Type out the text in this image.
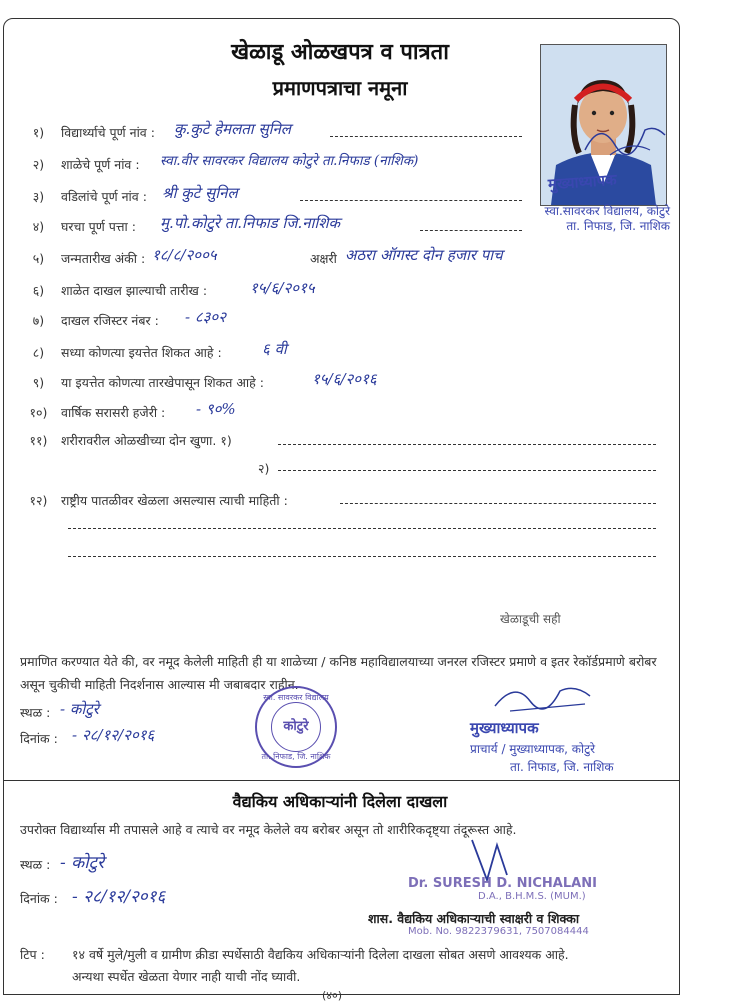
खेळाडू ओळखपत्र व पात्रता
प्रमाणपत्राचा नमूना
मुख्याध्यापक
स्वा.सावरकर विद्यालय, कोटुरे
ता. निफाड, जि. नाशिक
१)	विद्यार्थ्याचे पूर्ण नांव : कु.कुटे हेमलता सुनिल
२)	शाळेचे पूर्ण नांव : स्वा.वीर सावरकर विद्यालय कोटुरे ता.निफाड (नाशिक)
३)	वडिलांचे पूर्ण नांव : श्री कुटे सुनिल
४)	घरचा पूर्ण पत्ता : मु.पो.कोटुरे ता.निफाड जि.नाशिक
५)	जन्मतारीख अंकी : १८/८/२००५	अक्षरी अठरा ऑगस्ट दोन हजार पाच
६)	शाळेत दाखल झाल्याची तारीख :	१५/६/२०१५
७)	दाखल रजिस्टर नंबर : - ८३०२
८)	सध्या कोणत्या इयत्तेत शिकत आहे :	६ वी
९)	या इयत्तेत कोणत्या तारखेपासून शिकत आहे :	१५/६/२०१६
१०)	वार्षिक सरासरी हजेरी : - ९०%
११)	शरीरावरील ओळखीच्या दोन खुणा. १)
२)
१२)	राष्ट्रीय पातळीवर खेळला असल्यास त्याची माहिती :
खेळाडूची सही
प्रमाणित करण्यात येते की, वर नमूद केलेली माहिती ही या शाळेच्या / कनिष्ठ महाविद्यालयाच्या जनरल रजिस्टर प्रमाणे व इतर रेकॉर्डप्रमाणे बरोबर असून चुकीची माहिती निदर्शनास आल्यास मी जबाबदार राहीन.
स्थळ : - कोटुरे
दिनांक : - २८/१२/२०१६
स्वा. सावरकर विद्यालय
कोटुरे
ता. निफाड, जि. नाशिक
मुख्याध्यापक
प्राचार्य / मुख्याध्यापक, कोटुरे
ता. निफाड, जि. नाशिक
वैद्यकिय अधिकाऱ्यांनी दिलेला दाखला
उपरोक्त विद्यार्थ्यास मी तपासले आहे व त्याचे वर नमूद केलेले वय बरोबर असून तो शारीरिकदृष्ट्या तंदूरूस्त आहे.
स्थळ : - कोटुरे
दिनांक : - २८/१२/२०१६
Dr. SURESH D. NICHALANI
D.A., B.H.M.S. (MUM.)
शास. वैद्यकिय अधिकाऱ्याची स्वाक्षरी व शिक्का
Mob. No. 9822379631, 7507084444
टिप : १४ वर्षे मुले/मुली व ग्रामीण क्रीडा स्पर्धेसाठी वैद्यकिय अधिकाऱ्यांनी दिलेला दाखला सोबत असणे आवश्यक आहे.
अन्यथा स्पर्धेत खेळता येणार नाही याची नोंद घ्यावी.
(४०)
